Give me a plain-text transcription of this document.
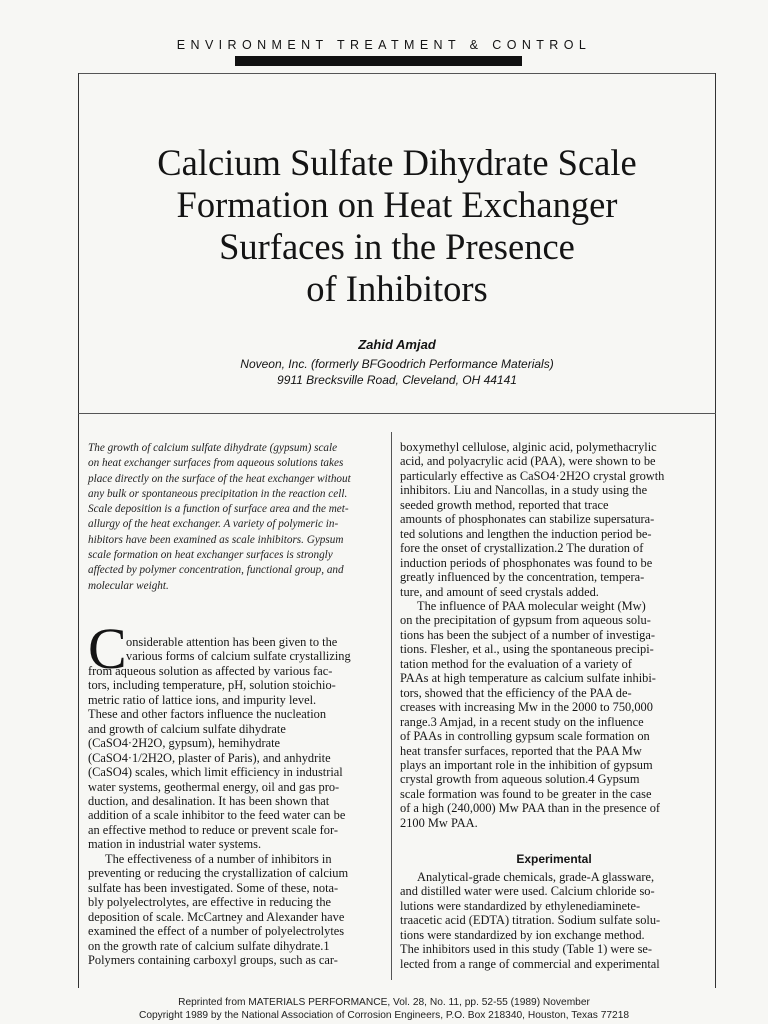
ENVIRONMENT TREATMENT & CONTROL
Calcium Sulfate Dihydrate Scale
Formation on Heat Exchanger
Surfaces in the Presence
of Inhibitors
Zahid Amjad
Noveon, Inc. (formerly BFGoodrich Performance Materials)
9911 Brecksville Road, Cleveland, OH 44141
The growth of calcium sulfate dihydrate (gypsum) scale
on heat exchanger surfaces from aqueous solutions takes
place directly on the surface of the heat exchanger without
any bulk or spontaneous precipitation in the reaction cell.
Scale deposition is a function of surface area and the met-
allurgy of the heat exchanger. A variety of polymeric in-
hibitors have been examined as scale inhibitors. Gypsum
scale formation on heat exchanger surfaces is strongly
affected by polymer concentration, functional group, and
molecular weight.
C onsiderable attention has been given to the
various forms of calcium sulfate crystallizing
from aqueous solution as affected by various fac-
tors, including temperature, pH, solution stoichio-
metric ratio of lattice ions, and impurity level.
These and other factors influence the nucleation
and growth of calcium sulfate dihydrate
(CaSO4·2H2O, gypsum), hemihydrate
(CaSO4·1/2H2O, plaster of Paris), and anhydrite
(CaSO4) scales, which limit efficiency in industrial
water systems, geothermal energy, oil and gas pro-
duction, and desalination. It has been shown that
addition of a scale inhibitor to the feed water can be
an effective method to reduce or prevent scale for-
mation in industrial water systems.
The effectiveness of a number of inhibitors in
preventing or reducing the crystallization of calcium
sulfate has been investigated. Some of these, nota-
bly polyelectrolytes, are effective in reducing the
deposition of scale. McCartney and Alexander have
examined the effect of a number of polyelectrolytes
on the growth rate of calcium sulfate dihydrate.1
Polymers containing carboxyl groups, such as car-
boxymethyl cellulose, alginic acid, polymethacrylic
acid, and polyacrylic acid (PAA), were shown to be
particularly effective as CaSO4·2H2O crystal growth
inhibitors. Liu and Nancollas, in a study using the
seeded growth method, reported that trace
amounts of phosphonates can stabilize supersatura-
ted solutions and lengthen the induction period be-
fore the onset of crystallization.2 The duration of
induction periods of phosphonates was found to be
greatly influenced by the concentration, tempera-
ture, and amount of seed crystals added.
The influence of PAA molecular weight (Mw)
on the precipitation of gypsum from aqueous solu-
tions has been the subject of a number of investiga-
tions. Flesher, et al., using the spontaneous precipi-
tation method for the evaluation of a variety of
PAAs at high temperature as calcium sulfate inhibi-
tors, showed that the efficiency of the PAA de-
creases with increasing Mw in the 2000 to 750,000
range.3 Amjad, in a recent study on the influence
of PAAs in controlling gypsum scale formation on
heat transfer surfaces, reported that the PAA Mw
plays an important role in the inhibition of gypsum
crystal growth from aqueous solution.4 Gypsum
scale formation was found to be greater in the case
of a high (240,000) Mw PAA than in the presence of
2100 Mw PAA.
Experimental
Analytical-grade chemicals, grade-A glassware,
and distilled water were used. Calcium chloride so-
lutions were standardized by ethylenediaminete-
traacetic acid (EDTA) titration. Sodium sulfate solu-
tions were standardized by ion exchange method.
The inhibitors used in this study (Table 1) were se-
lected from a range of commercial and experimental
Reprinted from MATERIALS PERFORMANCE, Vol. 28, No. 11, pp. 52-55 (1989) November
Copyright 1989 by the National Association of Corrosion Engineers, P.O. Box 218340, Houston, Texas 77218
